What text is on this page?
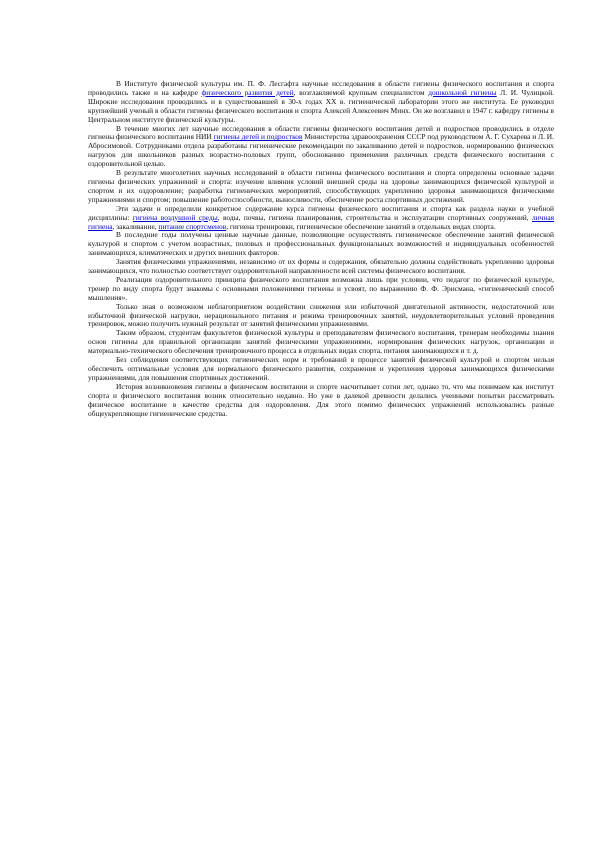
В Институте физической культуры им. П. Ф. Лесгафта научные исследования в области гигиены физического воспитания и спорта проводились также и на кафедре физического развития детей, возглавляемой крупным специалистом дошкольной гигиены Л. И. Чулицкой. Широкие исследования проводились и в существовавшей в 30-х годах XX в. гигиенической лаборатории этого же института. Ее руководил крупнейший ученый в области гигиены физического воспитания и спорта Алексей Алексеевич Минх. Он же возглавил в 1947 г. кафедру гигиены в Центральном институте физической культуры.

В течение многих лет научные исследования в области гигиены физического воспитания детей и подростков проводились в отделе гигиены физического воспитания НИИ гигиены детей и подростков Министерства здравоохранения СССР под руководством А. Г. Сухарева и Л. И. Абросимовой. Сотрудниками отдела разработаны гигиенические рекомендации по закаливанию детей и подростков, нормированию физических нагрузок для школьников разных возрастно-половых групп, обоснованию применения различных средств физического воспитания с оздоровительной целью.

В результате многолетних научных исследований в области гигиены физического воспитания и спорта определены основные задачи гигиены физических упражнений и спорта: изучение влияния условий внешней среды на здоровье занимающихся физической культурой и спортом и их оздоровление; разработка гигиенических мероприятий, способствующих укреплению здоровья занимающихся физическими упражнениями и спортом; повышение работоспособности, выносливости, обеспечение роста спортивных достижений.

Эти задачи и определили конкретное содержание курса гигиены физического воспитания и спорта как раздела науки и учебной дисциплины: гигиена воздушной среды, воды, почвы, гигиена планирования, строительства и эксплуатации спортивных сооружений, личная гигиена, закаливание, питание спортсменов, гигиена тренировки, гигиеническое обеспечение занятий в отдельных видах спорта.

В последние годы получены ценные научные данные, позволяющие осуществлять гигиеническое обеспечение занятий физической культурой и спортом с учетом возрастных, половых и профессиональных функциональных возможностей и индивидуальных особенностей занимающихся, климатических и других внешних факторов.

Занятия физическими упражнениями, независимо от их формы и содержания, обязательно должны содействовать укреплению здоровья занимающихся, что полностью соответствует оздоровительной направленности всей системы физического воспитания.

Реализация оздоровительного принципа физического воспитания возможна лишь при условии, что педагог по физической культуре, тренер по виду спорта будут знакомы с основными положениями гигиены и усвоят, по выражению Ф. Ф. Эрисмана, «гигиенический способ мышления».

Только зная о возможном неблагоприятном воздействии снижения или избыточной двигательной активности, недостаточной или избыточной физической нагрузки, нерационального питания и режима тренировочных занятий, неудовлетворительных условий проведения тренировок, можно получить нужный результат от занятий физическими упражнениями.

Таким образом, студентам факультетов физической культуры и преподавателям физического воспитания, тренерам необходимы знания основ гигиены для правильной организации занятий физическими упражнениями, нормирования физических нагрузок, организации и материально-технического обеспечения тренировочного процесса в отдельных видах спорта, питания занимающихся и т. д.

Без соблюдения соответствующих гигиенических норм и требований в процессе занятий физической культурой и спортом нельзя обеспечить оптимальные условия для нормального физического развития, сохранения и укрепления здоровья занимающихся физическими упражнениями, для повышения спортивных достижений.

История возникновения гигиены в физическом воспитании и спорте насчитывает сотни лет, однако то, что мы понимаем как институт спорта и физического воспитания возник относительно недавно. Но уже в далекой древности делались ученными попытки рассматривать физическое воспитание в качестве средства для оздоровления. Для этого помимо физических упражнений использовались разные общеукрепляющие гигиенические средства.
